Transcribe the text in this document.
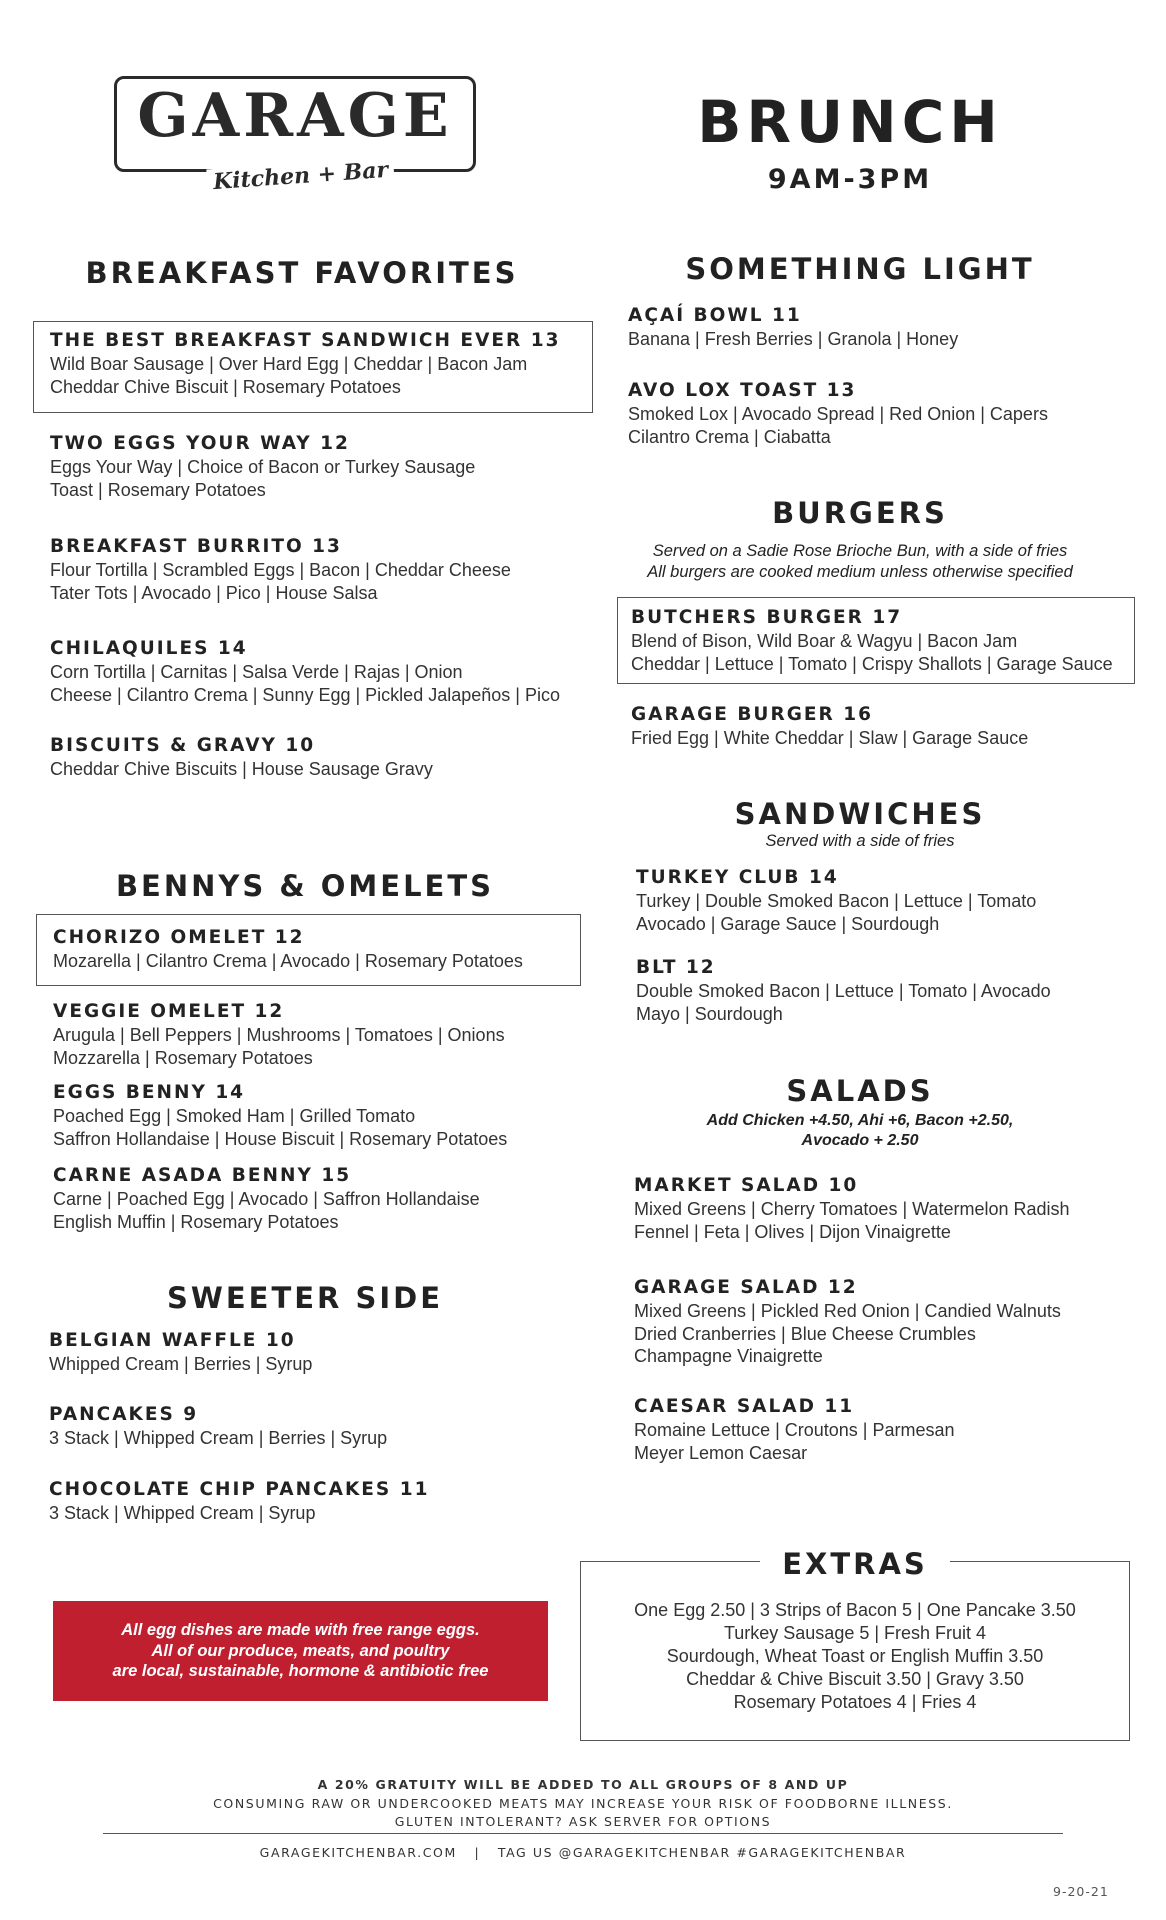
GARAGE
Kitchen + Bar
BRUNCH
9AM-3PM
BREAKFAST FAVORITES
THE BEST BREAKFAST SANDWICH EVER 13
Wild Boar Sausage | Over Hard Egg | Cheddar | Bacon Jam
Cheddar Chive Biscuit | Rosemary Potatoes
TWO EGGS YOUR WAY 12
Eggs Your Way | Choice of Bacon or Turkey Sausage
Toast | Rosemary Potatoes
BREAKFAST BURRITO 13
Flour Tortilla | Scrambled Eggs | Bacon | Cheddar Cheese
Tater Tots | Avocado | Pico | House Salsa
CHILAQUILES 14
Corn Tortilla | Carnitas | Salsa Verde | Rajas | Onion
Cheese | Cilantro Crema | Sunny Egg | Pickled Jalapeños | Pico
BISCUITS & GRAVY 10
Cheddar Chive Biscuits | House Sausage Gravy
BENNYS & OMELETS
CHORIZO OMELET 12
Mozarella | Cilantro Crema | Avocado | Rosemary Potatoes
VEGGIE OMELET 12
Arugula | Bell Peppers | Mushrooms | Tomatoes | Onions
Mozzarella | Rosemary Potatoes
EGGS BENNY 14
Poached Egg | Smoked Ham | Grilled Tomato
Saffron Hollandaise | House Biscuit | Rosemary Potatoes
CARNE ASADA BENNY 15
Carne | Poached Egg | Avocado | Saffron Hollandaise
English Muffin | Rosemary Potatoes
SWEETER SIDE
BELGIAN WAFFLE 10
Whipped Cream | Berries | Syrup
PANCAKES 9
3 Stack | Whipped Cream | Berries | Syrup
CHOCOLATE CHIP PANCAKES 11
3 Stack | Whipped Cream | Syrup
All egg dishes are made with free range eggs.
All of our produce, meats, and poultry
are local, sustainable, hormone & antibiotic free
SOMETHING LIGHT
AÇAÍ BOWL 11
Banana | Fresh Berries | Granola | Honey
AVO LOX TOAST 13
Smoked Lox | Avocado Spread | Red Onion | Capers
Cilantro Crema | Ciabatta
BURGERS
Served on a Sadie Rose Brioche Bun, with a side of fries
All burgers are cooked medium unless otherwise specified
BUTCHERS BURGER 17
Blend of Bison, Wild Boar & Wagyu | Bacon Jam
Cheddar | Lettuce | Tomato | Crispy Shallots | Garage Sauce
GARAGE BURGER 16
Fried Egg | White Cheddar | Slaw | Garage Sauce
SANDWICHES
Served with a side of fries
TURKEY CLUB 14
Turkey | Double Smoked Bacon | Lettuce | Tomato
Avocado | Garage Sauce | Sourdough
BLT 12
Double Smoked Bacon | Lettuce | Tomato | Avocado
Mayo | Sourdough
SALADS
Add Chicken +4.50, Ahi +6, Bacon +2.50,
Avocado + 2.50
MARKET SALAD 10
Mixed Greens | Cherry Tomatoes | Watermelon Radish
Fennel | Feta | Olives | Dijon Vinaigrette
GARAGE SALAD 12
Mixed Greens | Pickled Red Onion | Candied Walnuts
Dried Cranberries | Blue Cheese Crumbles
Champagne Vinaigrette
CAESAR SALAD 11
Romaine Lettuce | Croutons | Parmesan
Meyer Lemon Caesar
EXTRAS
One Egg 2.50 | 3 Strips of Bacon 5 | One Pancake 3.50
Turkey Sausage 5 | Fresh Fruit 4
Sourdough, Wheat Toast or English Muffin 3.50
Cheddar & Chive Biscuit 3.50 | Gravy 3.50
Rosemary Potatoes 4 | Fries 4
A 20% GRATUITY WILL BE ADDED TO ALL GROUPS OF 8 AND UP
CONSUMING RAW OR UNDERCOOKED MEATS MAY INCREASE YOUR RISK OF FOODBORNE ILLNESS.
GLUTEN INTOLERANT? ASK SERVER FOR OPTIONS
GARAGEKITCHENBAR.COM | TAG US @GARAGEKITCHENBAR #GARAGEKITCHENBAR
9-20-21
